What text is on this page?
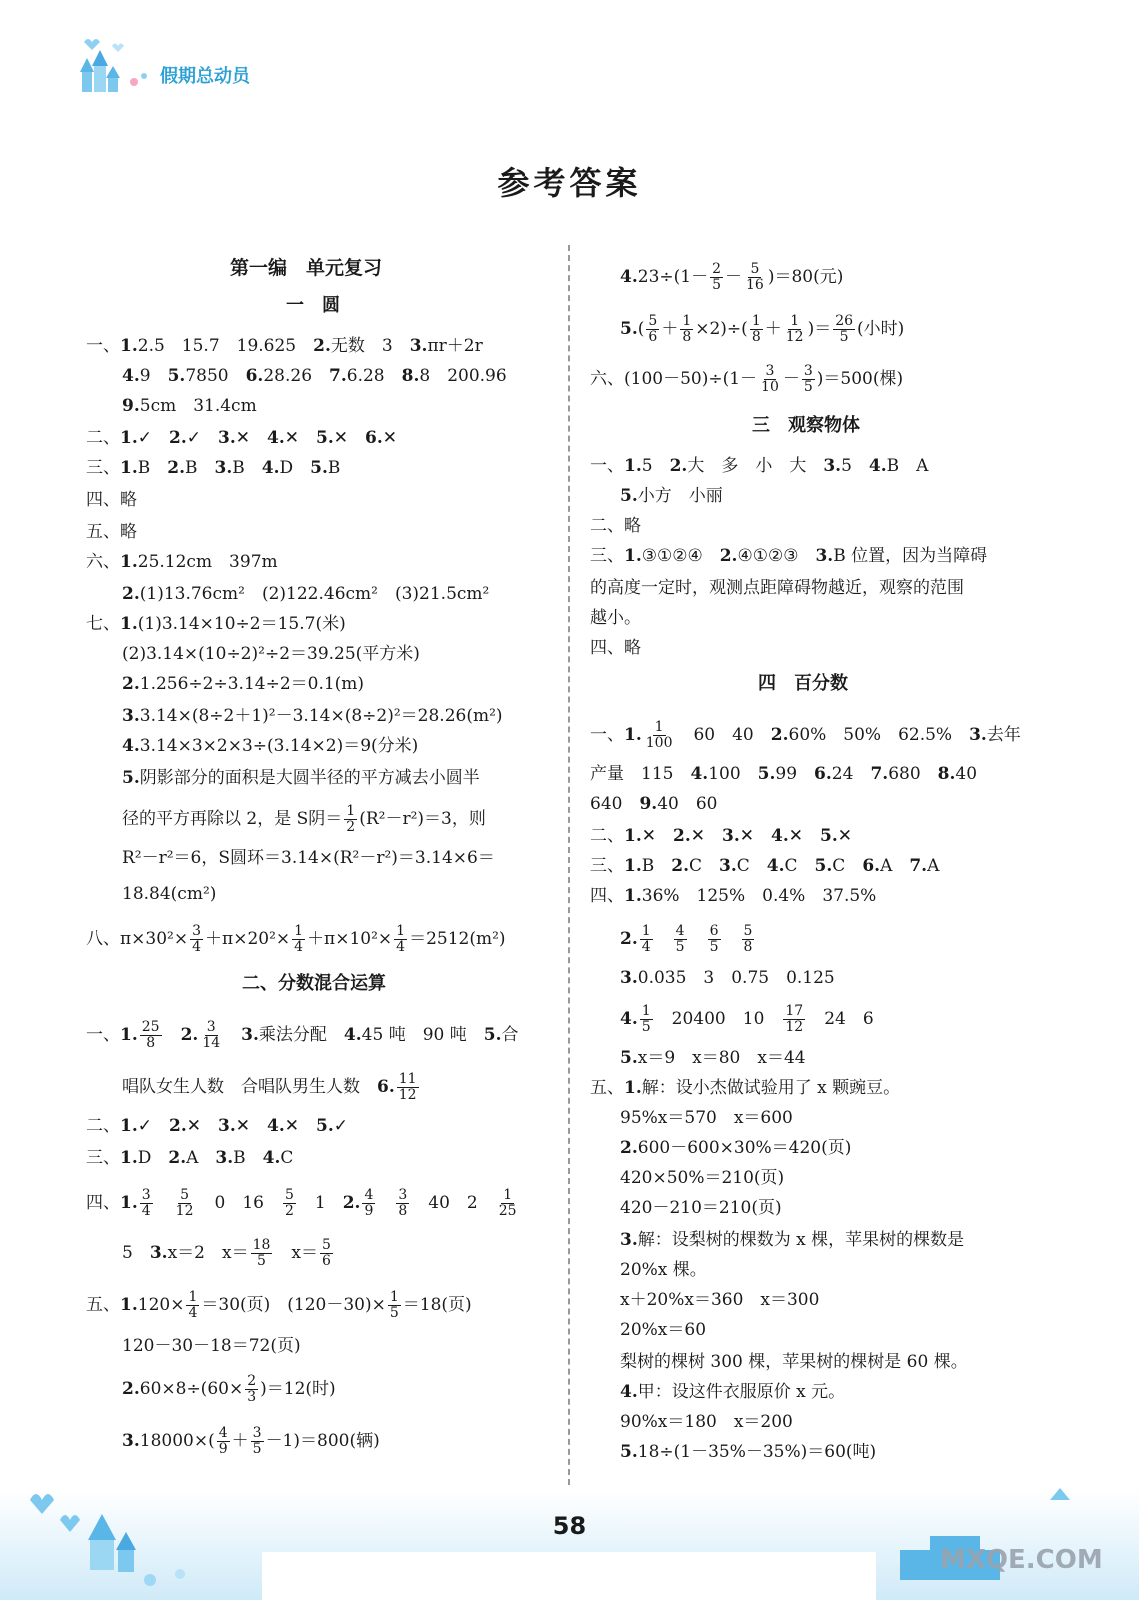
假期总动员
参考答案
第一编　单元复习
一　圆
一、1.2.5　15.7　19.625　2.无数　3　3.πr＋2r
4.9　5.7850　6.28.26　7.6.28　8.8　200.96
9.5cm　31.4cm
二、1.✓　2.✓　3.✕　4.✕　5.✕　6.✕
三、1.B　2.B　3.B　4.D　5.B
四、略
五、略
六、1.25.12cm　397m
2.(1)13.76cm²　(2)122.46cm²　(3)21.5cm²
七、1.(1)3.14×10÷2＝15.7(米)
(2)3.14×(10÷2)²÷2＝39.25(平方米)
2.1.256÷2÷3.14÷2＝0.1(m)
3.3.14×(8÷2＋1)²－3.14×(8÷2)²＝28.26(m²)
4.3.14×3×2×3÷(3.14×2)＝9(分米)
5.阴影部分的面积是大圆半径的平方减去小圆半
径的平方再除以 2，是 S阴＝ $\frac{1}{2} (R^2-r^2)=3$，则
R²－r²＝6，S圆环＝3.14×(R²－r²)＝3.14×6＝
18.84(cm²)
八、$\pi\times 30^2\times \frac{3}{4} +\pi\times 20^2\times \frac{1}{4} +\pi\times 10^2\times \frac{1}{4} =2512(m^2)$
二、分数混合运算
一、1. $\frac{25}{8}$
　 2. $\frac{3}{14}$
　 3.乘法分配　4.45 吨　90 吨　5.合
唱队女生人数　合唱队男生人数　6. $\frac{11}{12}$
二、1.✓　2.✕　3.✕　4.✕　5.✓
三、1.D　2.A　3.B　4.C
四、1. $\frac{3}{4}$
　 $\frac{5}{12}$
　 0　16　 $\frac{5}{2}$
　 1　2. $\frac{4}{9}$
　 $\frac{3}{8}$
　 40　2　 $\frac{1}{25}$
5　3.x＝2　$x= \frac{18}{5}$
　 $x= \frac{5}{6}$
五、$1.120\times \frac{1}{4} =30$(页)　$(120-30)\times \frac{1}{5} =18$(页)
120－30－18＝72(页)
$2.60\times 8\div(60\times \frac{2}{3} )=12$(时)
$3.18000\times( \frac{4}{9} + \frac{3}{5} -1)=800$(辆)
$4.23\div(1- \frac{2}{5} - \frac{5}{16} )=80$(元)
$5.( \frac{5}{6} + \frac{1}{8} \times 2)\div( \frac{1}{8} + \frac{1}{12}$ )＝ $\frac{26}{5}$ (小时)
六、$(100-50)\div(1- \frac{3}{10} - \frac{3}{5} )=500$(棵)
三　观察物体
一、1.5　2.大　多　小　大　3.5　4.B　A
5.小方　小丽
二、略
三、1.③①②④　2.④①②③　3.B 位置，因为当障碍
的高度一定时，观测点距障碍物越近，观察的范围
越小。
四、略
四　百分数
一、1. $\frac{1}{100}$
　 60　40　2.60%　50%　62.5%　3.去年
产量　115　4.100　5.99　6.24　7.680　8.40
640　9.40　60
二、1.✕　2.✕　3.✕　4.✕　5.✕
三、1.B　2.C　3.C　4.C　5.C　6.A　7.A
四、1.36%　125%　0.4%　37.5%
2. $\frac{1}{4}$
　 $\frac{4}{5}$
　 $\frac{6}{5}$
　 $\frac{5}{8}$
3.0.035　3　0.75　0.125
4. $\frac{1}{5}$
　 20400　10　 $\frac{17}{12}$
　 24　6
5.x＝9　x＝80　x＝44
五、1.解：设小杰做试验用了 x 颗豌豆。
95%x＝570　x＝600
2.600－600×30%＝420(页)
420×50%＝210(页)
420－210＝210(页)
3.解：设梨树的棵数为 x 棵，苹果树的棵数是
20%x 棵。
x＋20%x＝360　x＝300
20%x＝60
梨树的棵树 300 棵，苹果树的棵树是 60 棵。
4.甲：设这件衣服原价 x 元。
90%x＝180　x＝200
5.18÷(1－35%－35%)＝60(吨)
58
MXQE.COM
